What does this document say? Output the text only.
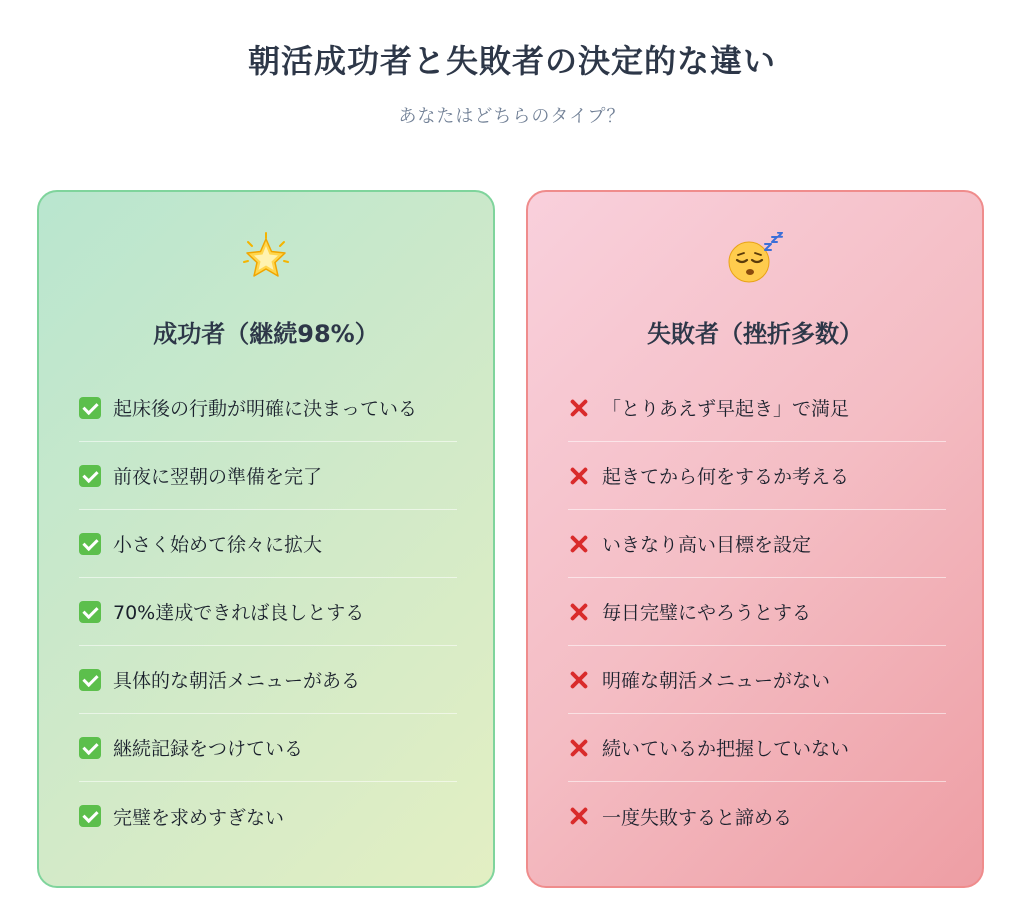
朝活成功者と失敗者の決定的な違い
あなたはどちらのタイプ？
成功者（継続98%）
起床後の行動が明確に決まっている
前夜に翌朝の準備を完了
小さく始めて徐々に拡大
70%達成できれば良しとする
具体的な朝活メニューがある
継続記録をつけている
完璧を求めすぎない
失敗者（挫折多数）
「とりあえず早起き」で満足
起きてから何をするか考える
いきなり高い目標を設定
毎日完璧にやろうとする
明確な朝活メニューがない
続いているか把握していない
一度失敗すると諦める
